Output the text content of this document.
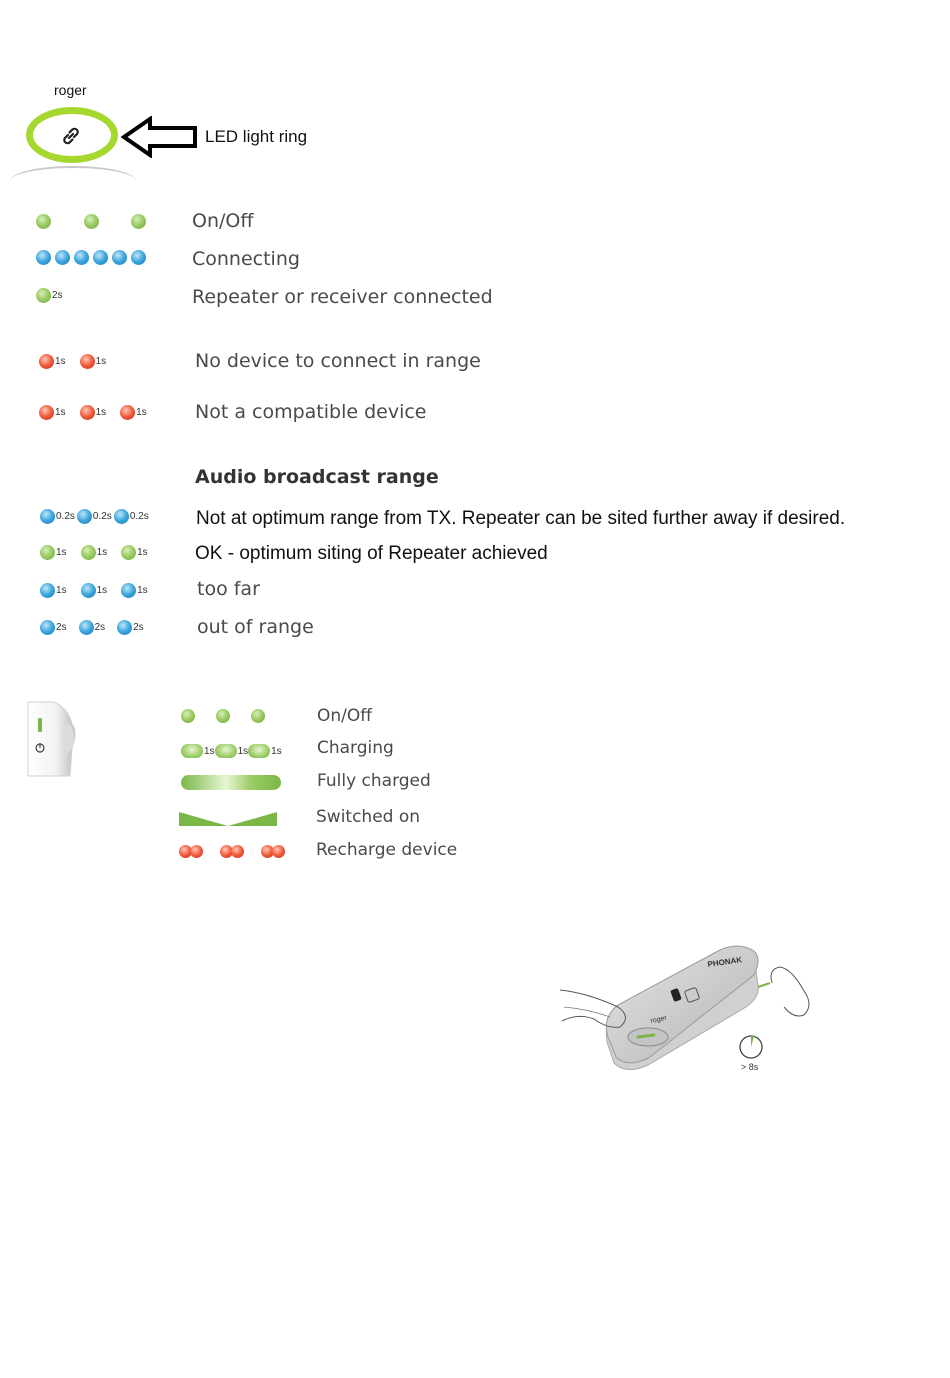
roger
LED light ring
On/Off
Connecting
2s	Repeater or receiver connected
1s	1s	No device to connect in range
1s	1s	1s	Not a compatible device
Audio broadcast range
0.2s 0.2s 0.2s Not at optimum range from TX. Repeater can be sited further away if desired.
1s	1s	1s OK - optimum siting of Repeater achieved
1s	1s	1s	too far
2s	2s	2s	out of range
On/Off
1s 1s 1s Charging
Fully charged
Switched on
Recharge device
PHONAK
roger
> 8s
